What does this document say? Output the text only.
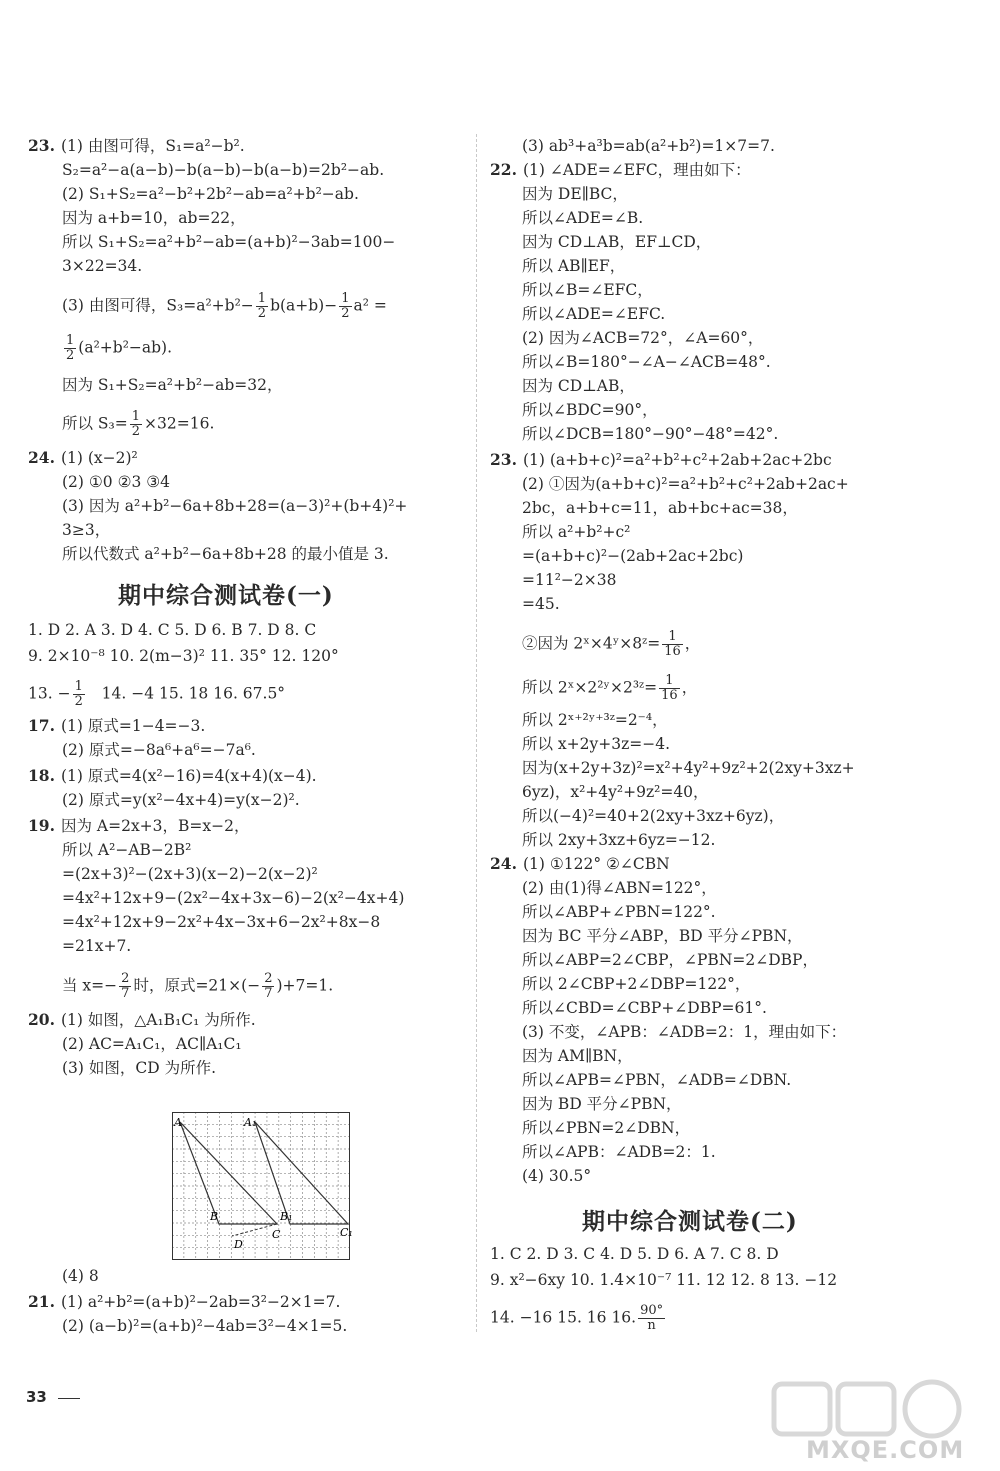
23. (1) 由图可得，S₁=a²−b².
S₂=a²−a(a−b)−b(a−b)−b(a−b)=2b²−ab.
(2) S₁+S₂=a²−b²+2b²−ab=a²+b²−ab.
因为 a+b=10，ab=22，
所以 S₁+S₂=a²+b²−ab=(a+b)²−3ab=100−
3×22=34.
(3) 由图可得，$S_3=a^2+b^2- \frac{1}{2} b(a+b)- \frac{1}{2} a^2$ =
$\frac{1}{2} (a^2+b^2-ab)$.
因为 S₁+S₂=a²+b²−ab=32，
所以 $S_3= \frac{1}{2} \times 32=16$.
24. (1) (x−2)²
(2) ①0 ②3 ③4
(3) 因为 a²+b²−6a+8b+28=(a−3)²+(b+4)²+
3≥3，
所以代数式 a²+b²−6a+8b+28 的最小值是 3.
期中综合测试卷(一)
1. D 2. A 3. D 4. C 5. D 6. B 7. D 8. C
9. 2×10⁻⁸ 10. 2(m−3)² 11. 35° 12. 120°
13. − $\frac{1}{2} 14$. −4 15. 18 16. 67.5°
17. (1) 原式=1−4=−3.
(2) 原式=−8a⁶+a⁶=−7a⁶.
18. (1) 原式=4(x²−16)=4(x+4)(x−4).
(2) 原式=y(x²−4x+4)=y(x−2)².
19. 因为 A=2x+3，B=x−2，
所以 A²−AB−2B²
=(2x+3)²−(2x+3)(x−2)−2(x−2)²
=4x²+12x+9−(2x²−4x+3x−6)−2(x²−4x+4)
=4x²+12x+9−2x²+4x−3x+6−2x²+8x−8
=21x+7.
当 $x=- \frac{2}{7}$ 时，原式$=21\times(- \frac{2}{7} )+7=1$.
20. (1) 如图，△A₁B₁C₁ 为所作.
(2) AC=A₁C₁，AC∥A₁C₁
(3) 如图，CD 为所作.
A	A₁
B	B₁
C	C₁
D
(4) 8
21. (1) a²+b²=(a+b)²−2ab=3²−2×1=7.
(2) (a−b)²=(a+b)²−4ab=3²−4×1=5.
(3) ab³+a³b=ab(a²+b²)=1×7=7.
22. (1) ∠ADE=∠EFC，理由如下：
因为 DE∥BC，
所以∠ADE=∠B.
因为 CD⊥AB，EF⊥CD，
所以 AB∥EF，
所以∠B=∠EFC，
所以∠ADE=∠EFC.
(2) 因为∠ACB=72°，∠A=60°，
所以∠B=180°−∠A−∠ACB=48°.
因为 CD⊥AB，
所以∠BDC=90°，
所以∠DCB=180°−90°−48°=42°.
23. (1) (a+b+c)²=a²+b²+c²+2ab+2ac+2bc
(2) ①因为(a+b+c)²=a²+b²+c²+2ab+2ac+
2bc，a+b+c=11，ab+bc+ac=38，
所以 a²+b²+c²
=(a+b+c)²−(2ab+2ac+2bc)
=11²−2×38
=45.
②因为 2ˣ×4ʸ×8ᶻ= $\frac{1}{16}$ ，
所以 2ˣ×2²ʸ×2³ᶻ= $\frac{1}{16}$ ，
所以 2ˣ⁺²ʸ⁺³ᶻ=2⁻⁴，
所以 x+2y+3z=−4.
因为(x+2y+3z)²=x²+4y²+9z²+2(2xy+3xz+
6yz)，x²+4y²+9z²=40，
所以(−4)²=40+2(2xy+3xz+6yz)，
所以 2xy+3xz+6yz=−12.
24. (1) ①122° ②∠CBN
(2) 由(1)得∠ABN=122°，
所以∠ABP+∠PBN=122°.
因为 BC 平分∠ABP，BD 平分∠PBN，
所以∠ABP=2∠CBP，∠PBN=2∠DBP，
所以 2∠CBP+2∠DBP=122°，
所以∠CBD=∠CBP+∠DBP=61°.
(3) 不变，∠APB：∠ADB=2：1，理由如下：
因为 AM∥BN，
所以∠APB=∠PBN，∠ADB=∠DBN.
因为 BD 平分∠PBN，
所以∠PBN=2∠DBN，
所以∠APB：∠ADB=2：1.
(4) 30.5°
期中综合测试卷(二)
1. C 2. D 3. C 4. D 5. D 6. A 7. C 8. D
9. x²−6xy 10. 1.4×10⁻⁷ 11. 12 12. 8 13. −12
14. −16 15. 16 16. $\frac{90^\circ}{n}$
33
MXQE.COM
